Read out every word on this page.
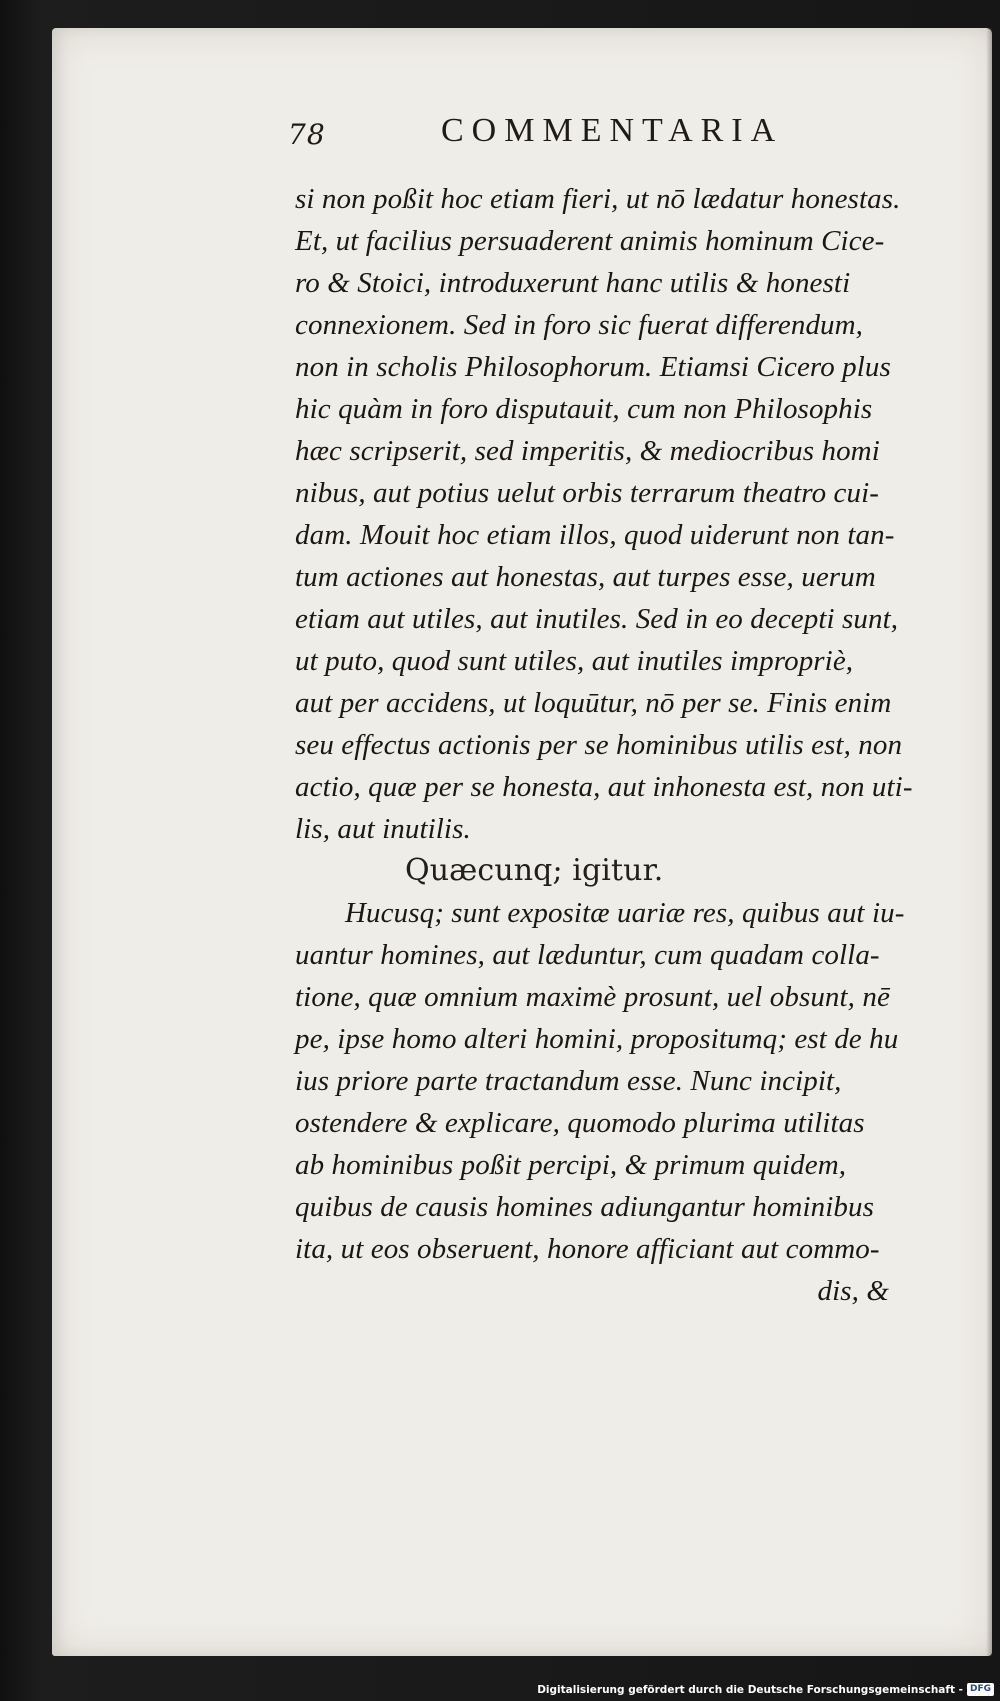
78	COMMENTARIA
si non poßit hoc etiam fieri, ut nō lædatur honestas.
Et, ut facilius persuaderent animis hominum Cice-
ro & Stoici, introduxerunt hanc utilis & honesti
connexionem. Sed in foro sic fuerat differendum,
non in scholis Philosophorum. Etiamsi Cicero plus
hic quàm in foro disputauit, cum non Philosophis
hæc scripserit, sed imperitis, & mediocribus homi
nibus, aut potius uelut orbis terrarum theatro cui-
dam. Mouit hoc etiam illos, quod uiderunt non tan-
tum actiones aut honestas, aut turpes esse, uerum
etiam aut utiles, aut inutiles. Sed in eo decepti sunt,
ut puto, quod sunt utiles, aut inutiles impropriè,
aut per accidens, ut loquūtur, nō per se. Finis enim
seu effectus actionis per se hominibus utilis est, non
actio, quæ per se honesta, aut inhonesta est, non uti-
lis, aut inutilis.
Quæcunq; igitur.
Hucusq; sunt expositæ uariæ res, quibus aut iu-
uantur homines, aut læduntur, cum quadam colla-
tione, quæ omnium maximè prosunt, uel obsunt, nē
pe, ipse homo alteri homini, propositumq; est de hu
ius priore parte tractandum esse. Nunc incipit,
ostendere & explicare, quomodo plurima utilitas
ab hominibus poßit percipi, & primum quidem,
quibus de causis homines adiungantur hominibus
ita, ut eos obseruent, honore afficiant aut commo-
dis, &
Digitalisierung gefördert durch die Deutsche Forschungsgemeinschaft - DFG
